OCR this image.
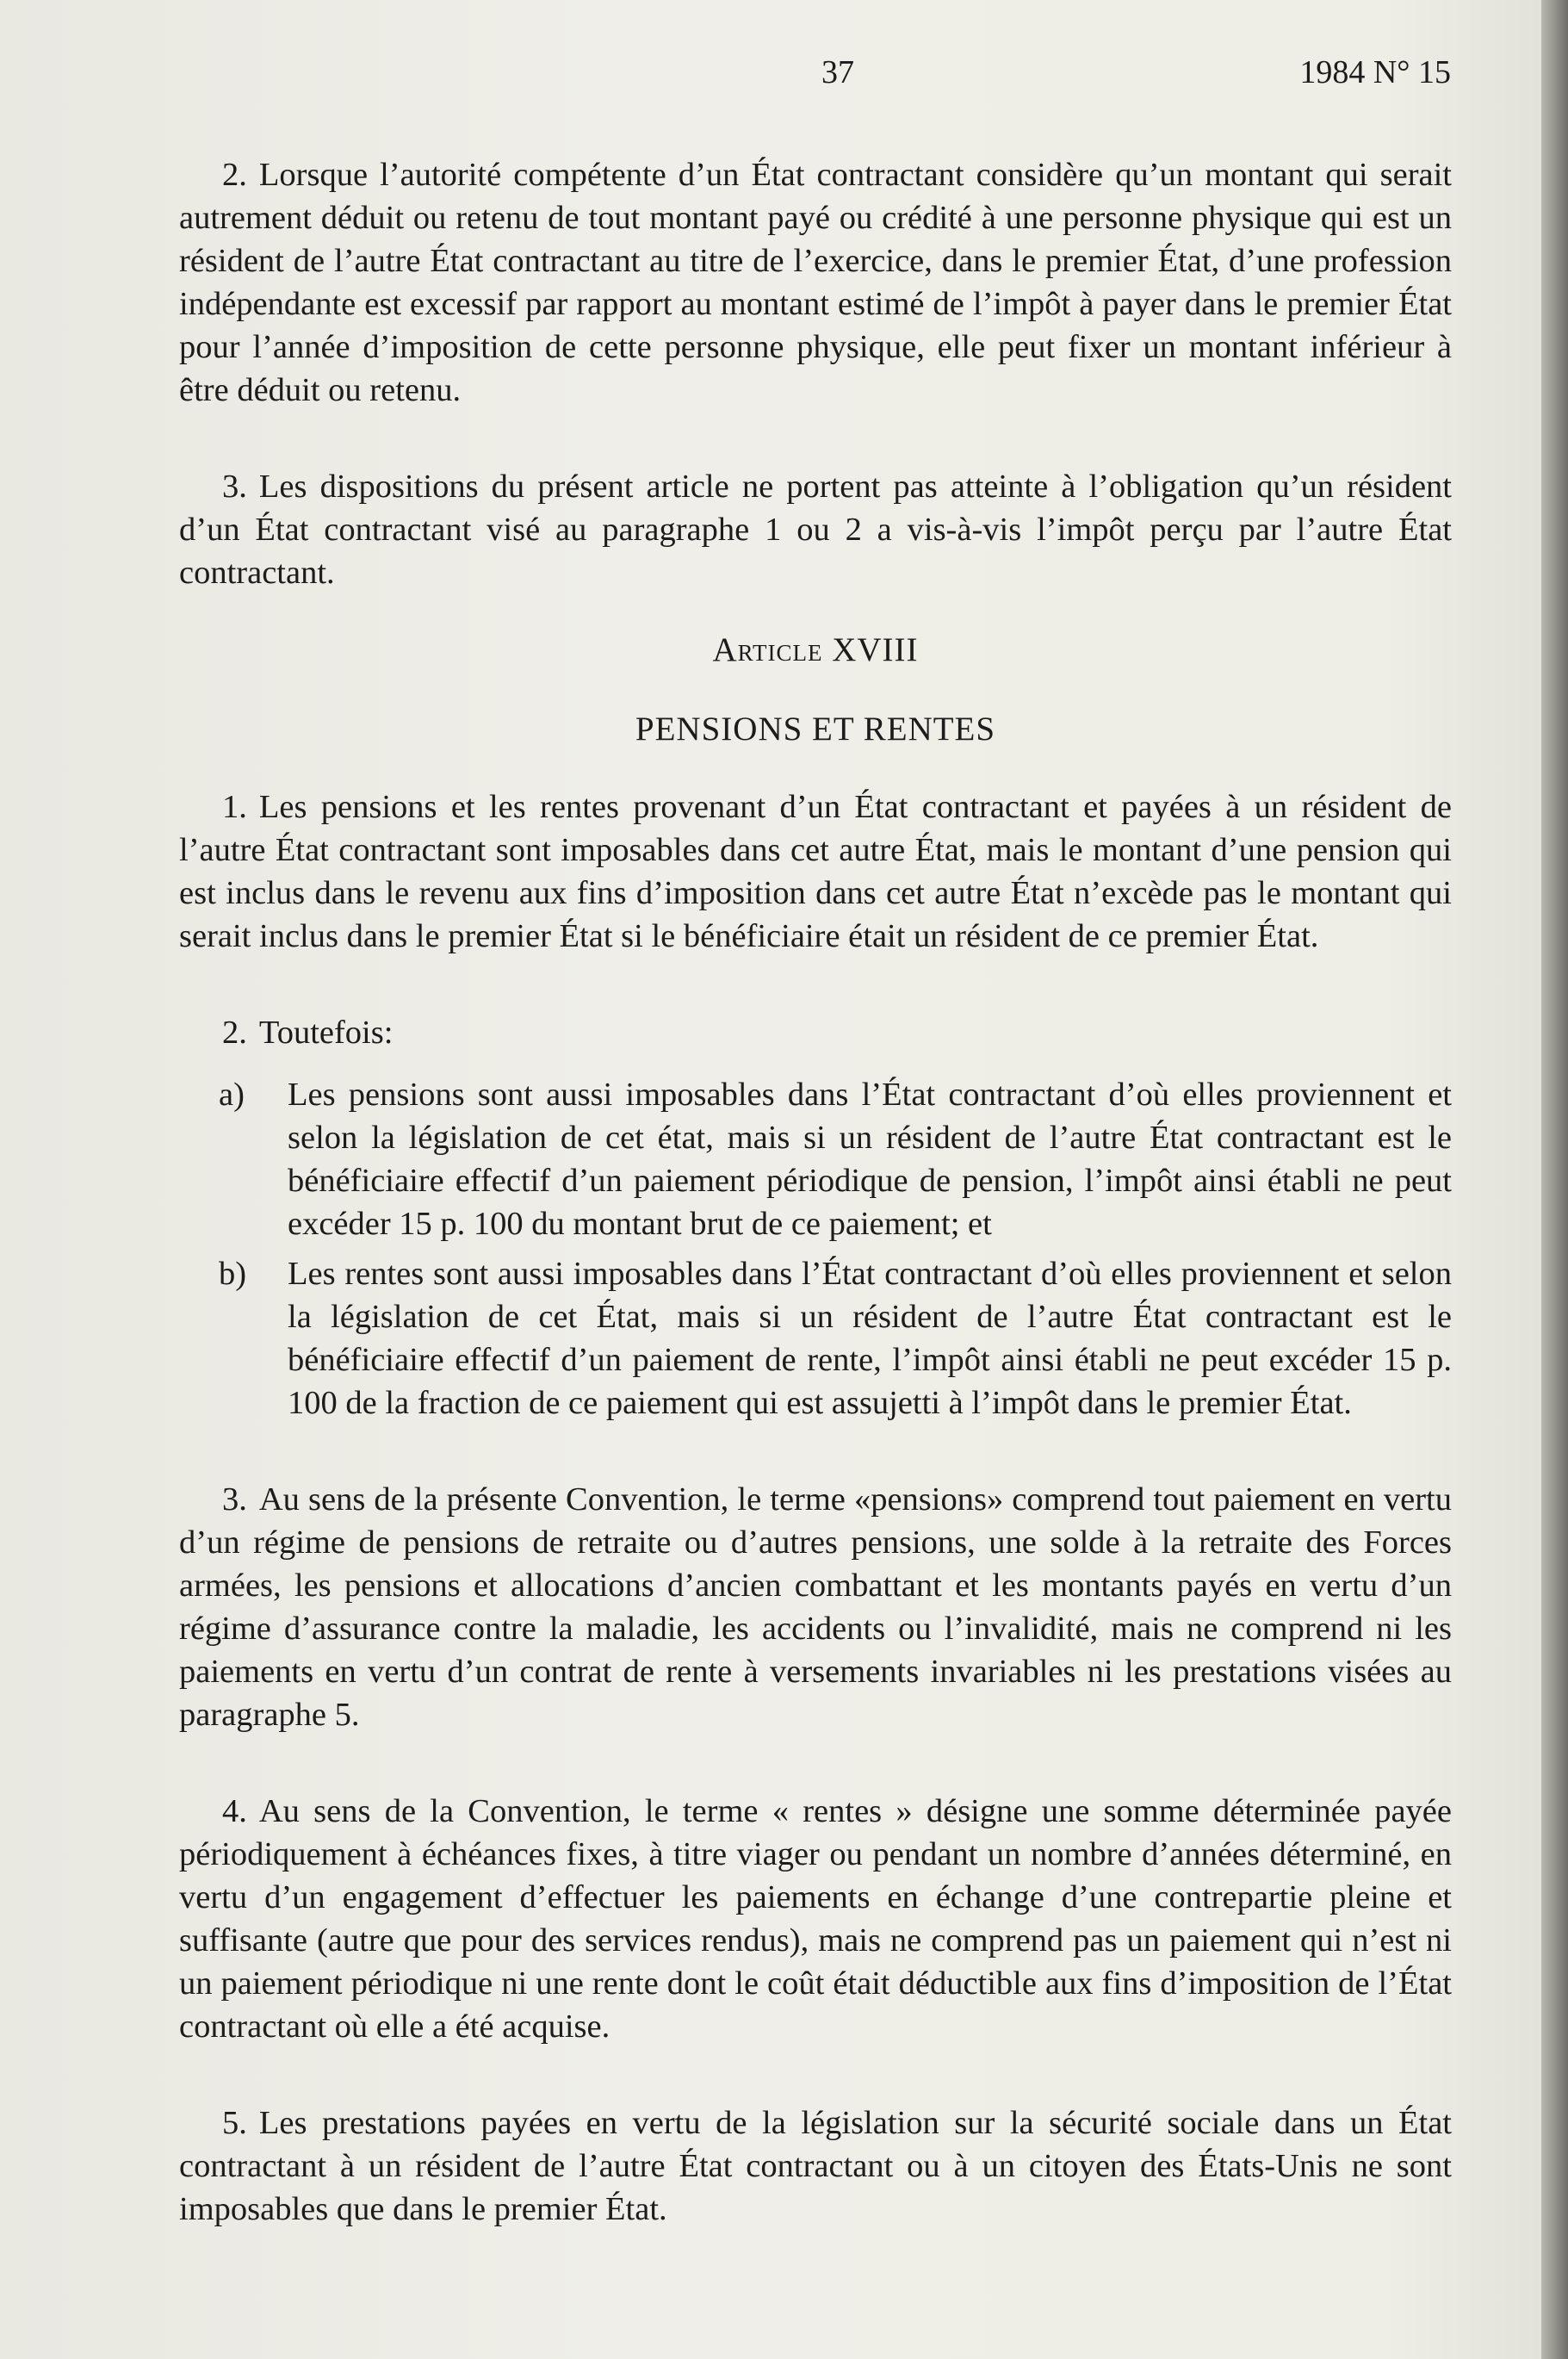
37	1984 N° 15

2. Lorsque l’autorité compétente d’un État contractant considère qu’un montant qui serait autrement déduit ou retenu de tout montant payé ou crédité à une personne physique qui est un résident de l’autre État contractant au titre de l’exercice, dans le premier État, d’une profession indépendante est excessif par rapport au montant estimé de l’impôt à payer dans le premier État pour l’année d’imposition de cette personne physique, elle peut fixer un montant inférieur à être déduit ou retenu.

3. Les dispositions du présent article ne portent pas atteinte à l’obligation qu’un résident d’un État contractant visé au paragraphe 1 ou 2 a vis-à-vis l’impôt perçu par l’autre État contractant.

Article XVIII

PENSIONS ET RENTES

1. Les pensions et les rentes provenant d’un État contractant et payées à un résident de l’autre État contractant sont imposables dans cet autre État, mais le montant d’une pension qui est inclus dans le revenu aux fins d’imposition dans cet autre État n’excède pas le montant qui serait inclus dans le premier État si le bénéficiaire était un résident de ce premier État.

2. Toutefois:

a)	Les pensions sont aussi imposables dans l’État contractant d’où elles proviennent et selon la législation de cet état, mais si un résident de l’autre État contractant est le bénéficiaire effectif d’un paiement périodique de pension, l’impôt ainsi établi ne peut excéder 15 p. 100 du montant brut de ce paiement; et
b)	Les rentes sont aussi imposables dans l’État contractant d’où elles proviennent et selon la législation de cet État, mais si un résident de l’autre État contractant est le bénéficiaire effectif d’un paiement de rente, l’impôt ainsi établi ne peut excéder 15 p. 100 de la fraction de ce paiement qui est assujetti à l’impôt dans le premier État.

3. Au sens de la présente Convention, le terme «pensions» comprend tout paiement en vertu d’un régime de pensions de retraite ou d’autres pensions, une solde à la retraite des Forces armées, les pensions et allocations d’ancien combattant et les montants payés en vertu d’un régime d’assurance contre la maladie, les accidents ou l’invalidité, mais ne comprend ni les paiements en vertu d’un contrat de rente à versements invariables ni les prestations visées au paragraphe 5.

4. Au sens de la Convention, le terme « rentes » désigne une somme déterminée payée périodiquement à échéances fixes, à titre viager ou pendant un nombre d’années déterminé, en vertu d’un engagement d’effectuer les paiements en échange d’une contrepartie pleine et suffisante (autre que pour des services rendus), mais ne comprend pas un paiement qui n’est ni un paiement périodique ni une rente dont le coût était déductible aux fins d’imposition de l’État contractant où elle a été acquise.

5. Les prestations payées en vertu de la législation sur la sécurité sociale dans un État contractant à un résident de l’autre État contractant ou à un citoyen des États-Unis ne sont imposables que dans le premier État.
